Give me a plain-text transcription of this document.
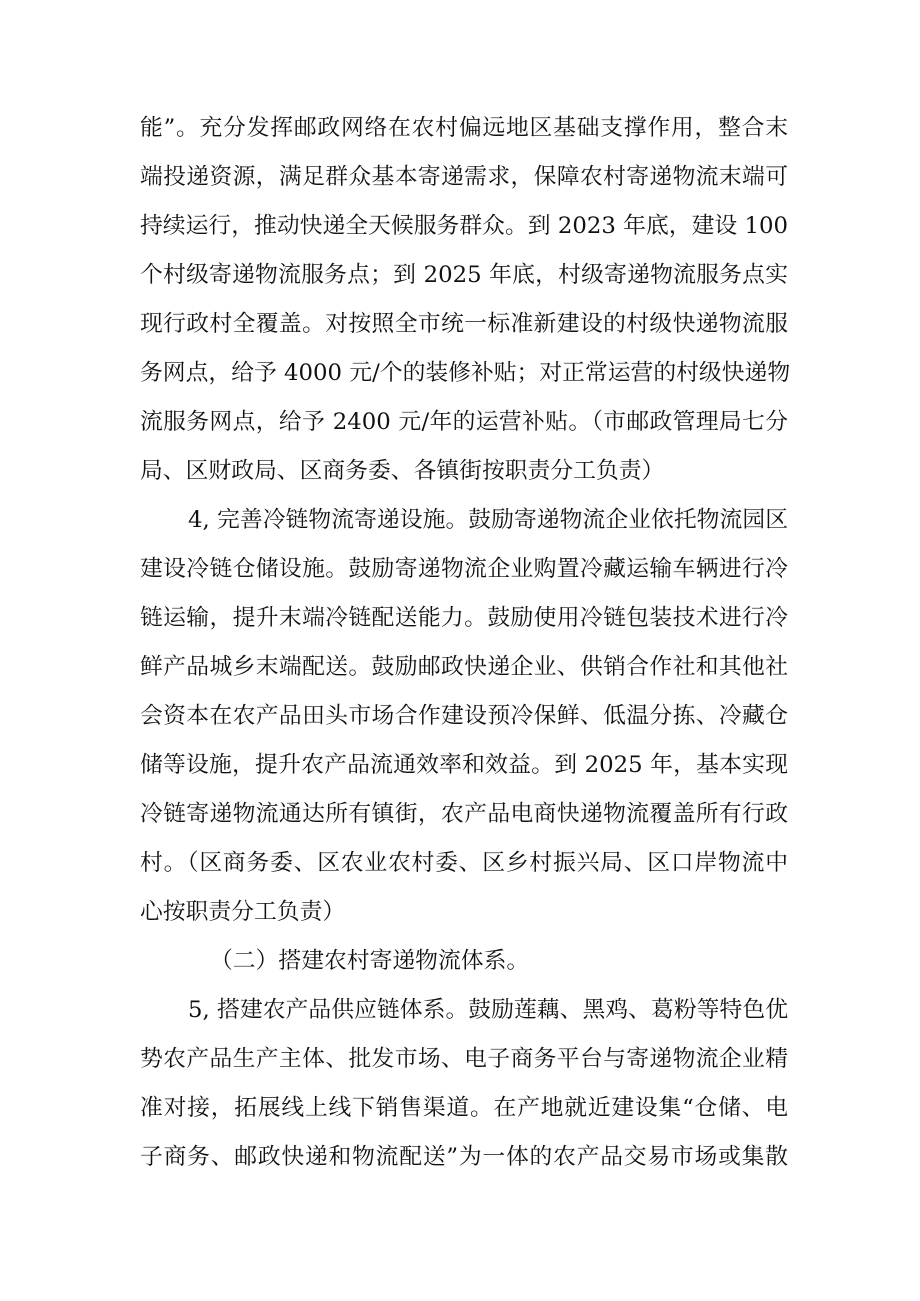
能”。充分发挥邮政网络在农村偏远地区基础支撑作用，整合末
端投递资源，满足群众基本寄递需求，保障农村寄递物流末端可
持续运行，推动快递全天候服务群众。到 2023 年底，建设 100
个村级寄递物流服务点；到 2025 年底，村级寄递物流服务点实
现行政村全覆盖。对按照全市统一标准新建设的村级快递物流服
务网点，给予 4000 元/个的装修补贴；对正常运营的村级快递物
流服务网点，给予 2400 元/年的运营补贴。（市邮政管理局七分
局、区财政局、区商务委、各镇街按职责分工负责）
4, 完善冷链物流寄递设施。鼓励寄递物流企业依托物流园区
建设冷链仓储设施。鼓励寄递物流企业购置冷藏运输车辆进行冷
链运输，提升末端冷链配送能力。鼓励使用冷链包装技术进行冷
鲜产品城乡末端配送。鼓励邮政快递企业、供销合作社和其他社
会资本在农产品田头市场合作建设预冷保鲜、低温分拣、冷藏仓
储等设施，提升农产品流通效率和效益。到 2025 年，基本实现
冷链寄递物流通达所有镇街，农产品电商快递物流覆盖所有行政
村。（区商务委、区农业农村委、区乡村振兴局、区口岸物流中
心按职责分工负责）
（二）搭建农村寄递物流体系。
5, 搭建农产品供应链体系。鼓励莲藕、黑鸡、葛粉等特色优
势农产品生产主体、批发市场、电子商务平台与寄递物流企业精
准对接，拓展线上线下销售渠道。在产地就近建设集“仓储、电
子商务、邮政快递和物流配送”为一体的农产品交易市场或集散
